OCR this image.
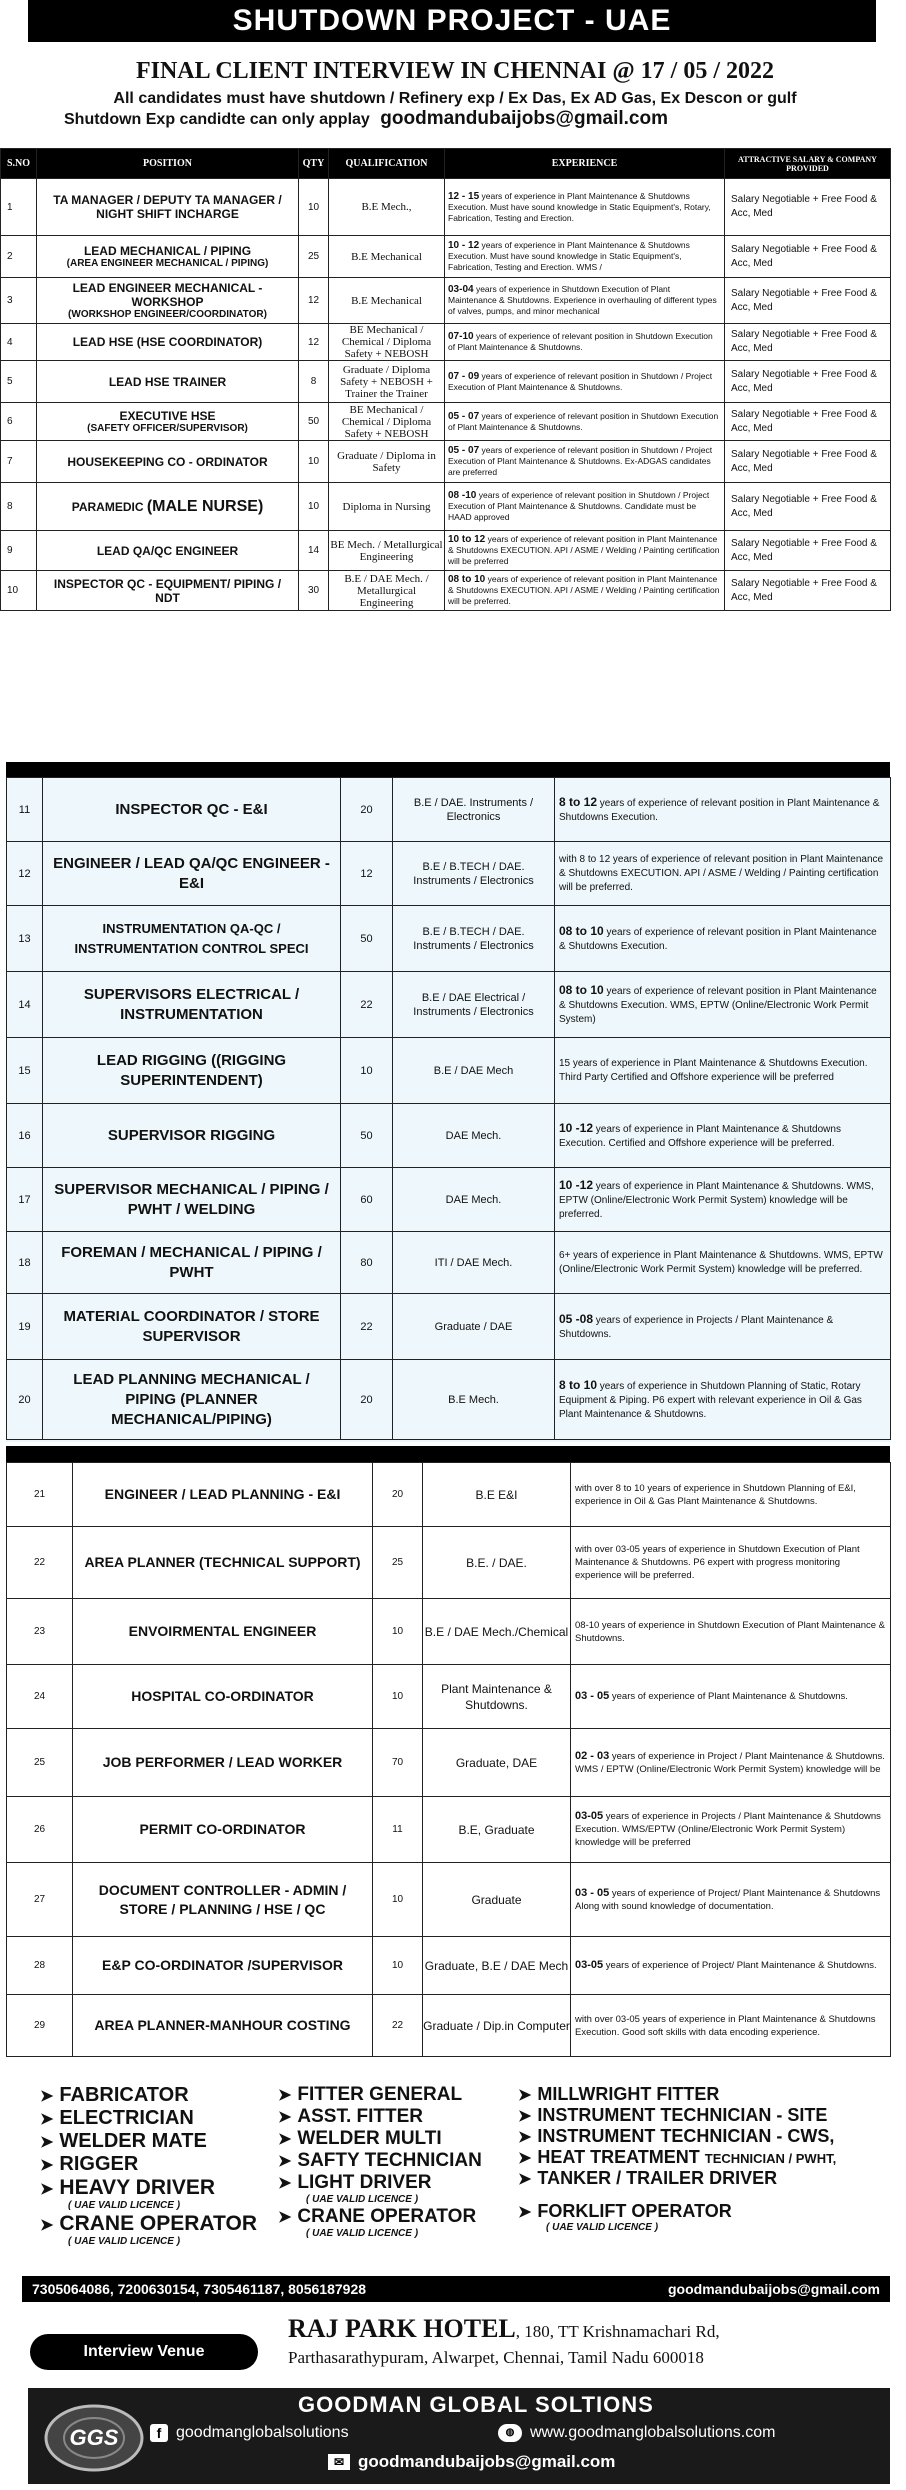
SHUTDOWN PROJECT - UAE
FINAL CLIENT INTERVIEW IN CHENNAI @ 17 / 05 / 2022
All candidates must have shutdown / Refinery exp / Ex Das, Ex AD Gas, Ex Descon or gulf
Shutdown Exp candidte can only applay goodmandubaijobs@gmail.com
S.NO	POSITION	QTY	QUALIFICATION	EXPERIENCE	ATTRACTIVE SALARY & COMPANY PROVIDED
1	TA MANAGER / DEPUTY TA MANAGER / NIGHT SHIFT INCHARGE	10	B.E Mech.,	12 - 15 years of experience in Plant Maintenance & Shutdowns Execution. Must have sound knowledge in Static Equipment's, Rotary, Fabrication, Testing and Erection.	Salary Negotiable + Free Food & Acc, Med
2	LEAD MECHANICAL / PIPING
(AREA ENGINEER MECHANICAL / PIPING)	25	B.E Mechanical	10 - 12 years of experience in Plant Maintenance & Shutdowns Execution. Must have sound knowledge in Static Equipment's, Fabrication, Testing and Erection. WMS /	Salary Negotiable + Free Food & Acc, Med
3	LEAD ENGINEER MECHANICAL - WORKSHOP
(WORKSHOP ENGINEER/COORDINATOR)	12	B.E Mechanical	03-04 years of experience in Shutdown Execution of Plant Maintenance & Shutdowns. Experience in overhauling of different types of valves, pumps, and minor mechanical	Salary Negotiable + Free Food & Acc, Med
4	LEAD HSE (HSE COORDINATOR)	12	BE Mechanical / Chemical / Diploma Safety + NEBOSH	07-10 years of experience of relevant position in Shutdown Execution of Plant Maintenance & Shutdowns.	Salary Negotiable + Free Food & Acc, Med
5	LEAD HSE TRAINER	8	Graduate / Diploma Safety + NEBOSH + Trainer the Trainer	07 - 09 years of experience of relevant position in Shutdown / Project Execution of Plant Maintenance & Shutdowns.	Salary Negotiable + Free Food & Acc, Med
6	EXECUTIVE HSE
(SAFETY OFFICER/SUPERVISOR)	50	BE Mechanical / Chemical / Diploma Safety + NEBOSH	05 - 07 years of experience of relevant position in Shutdown Execution of Plant Maintenance & Shutdowns.	Salary Negotiable + Free Food & Acc, Med
7	HOUSEKEEPING CO - ORDINATOR	10	Graduate / Diploma in Safety	05 - 07 years of experience of relevant position in Shutdown / Project Execution of Plant Maintenance & Shutdowns. Ex-ADGAS candidates are preferred	Salary Negotiable + Free Food & Acc, Med
8	PARAMEDIC (MALE NURSE)	10	Diploma in Nursing	08 -10 years of experience of relevant position in Shutdown / Project Execution of Plant Maintenance & Shutdowns. Candidate must be HAAD approved	Salary Negotiable + Free Food & Acc, Med
9	LEAD QA/QC ENGINEER	14	BE Mech. / Metallurgical Engineering	10 to 12 years of experience of relevant position in Plant Maintenance & Shutdowns EXECUTION. API / ASME / Welding / Painting certification will be preferred	Salary Negotiable + Free Food & Acc, Med
10	INSPECTOR QC - EQUIPMENT/ PIPING / NDT	30	B.E / DAE Mech. / Metallurgical Engineering	08 to 10 years of experience of relevant position in Plant Maintenance & Shutdowns EXECUTION. API / ASME / Welding / Painting certification will be preferred.	Salary Negotiable + Free Food & Acc, Med
11	INSPECTOR QC - E&I	20	B.E / DAE. Instruments / Electronics	8 to 12 years of experience of relevant position in Plant Maintenance & Shutdowns Execution.
12	ENGINEER / LEAD QA/QC ENGINEER - E&I	12	B.E / B.TECH / DAE. Instruments / Electronics	with 8 to 12 years of experience of relevant position in Plant Maintenance & Shutdowns EXECUTION. API / ASME / Welding / Painting certification will be preferred.
13	INSTRUMENTATION QA-QC / INSTRUMENTATION CONTROL SPECI	50	B.E / B.TECH / DAE. Instruments / Electronics	08 to 10 years of experience of relevant position in Plant Maintenance & Shutdowns Execution.
14	SUPERVISORS ELECTRICAL / INSTRUMENTATION	22	B.E / DAE Electrical / Instruments / Electronics	08 to 10 years of experience of relevant position in Plant Maintenance & Shutdowns Execution. WMS, EPTW (Online/Electronic Work Permit System)
15	LEAD RIGGING ((RIGGING SUPERINTENDENT)	10	B.E / DAE Mech	15 years of experience in Plant Maintenance & Shutdowns Execution. Third Party Certified and Offshore experience will be preferred
16	SUPERVISOR RIGGING	50	DAE Mech.	10 -12 years of experience in Plant Maintenance & Shutdowns Execution. Certified and Offshore experience will be preferred.
17	SUPERVISOR MECHANICAL / PIPING / PWHT / WELDING	60	DAE Mech.	10 -12 years of experience in Plant Maintenance & Shutdowns. WMS, EPTW (Online/Electronic Work Permit System) knowledge will be preferred.
18	FOREMAN / MECHANICAL / PIPING / PWHT	80	ITI / DAE Mech.	6+ years of experience in Plant Maintenance & Shutdowns. WMS, EPTW (Online/Electronic Work Permit System) knowledge will be preferred.
19	MATERIAL COORDINATOR / STORE SUPERVISOR	22	Graduate / DAE	05 -08 years of experience in Projects / Plant Maintenance & Shutdowns.
20	LEAD PLANNING MECHANICAL / PIPING (PLANNER MECHANICAL/PIPING)	20	B.E Mech.	8 to 10 years of experience in Shutdown Planning of Static, Rotary Equipment & Piping. P6 expert with relevant experience in Oil & Gas Plant Maintenance & Shutdowns.
21	ENGINEER / LEAD PLANNING - E&I	20	B.E E&I	with over 8 to 10 years of experience in Shutdown Planning of E&I, experience in Oil & Gas Plant Maintenance & Shutdowns.
22	AREA PLANNER (TECHNICAL SUPPORT)	25	B.E. / DAE.	with over 03-05 years of experience in Shutdown Execution of Plant Maintenance & Shutdowns. P6 expert with progress monitoring experience will be preferred.
23	ENVOIRMENTAL ENGINEER	10	B.E / DAE Mech./Chemical	08-10 years of experience in Shutdown Execution of Plant Maintenance & Shutdowns.
24	HOSPITAL CO-ORDINATOR	10	Plant Maintenance & Shutdowns.	03 - 05 years of experience of Plant Maintenance & Shutdowns.
25	JOB PERFORMER / LEAD WORKER	70	Graduate, DAE	02 - 03 years of experience in Project / Plant Maintenance & Shutdowns. WMS / EPTW (Online/Electronic Work Permit System) knowledge will be
26	PERMIT CO-ORDINATOR	11	B.E, Graduate	03-05 years of experience in Projects / Plant Maintenance & Shutdowns Execution. WMS/EPTW (Online/Electronic Work Permit System) knowledge will be preferred
27	DOCUMENT CONTROLLER - ADMIN / STORE / PLANNING / HSE / QC	10	Graduate	03 - 05 years of experience of Project/ Plant Maintenance & Shutdowns Along with sound knowledge of documentation.
28	E&P CO-ORDINATOR /SUPERVISOR	10	Graduate, B.E / DAE Mech	03-05 years of experience of Project/ Plant Maintenance & Shutdowns.
29	AREA PLANNER-MANHOUR COSTING	22	Graduate / Dip.in Computer	with over 03-05 years of experience in Plant Maintenance & Shutdowns Execution. Good soft skills with data encoding experience.
➤ FABRICATOR
➤ ELECTRICIAN
➤ WELDER MATE
➤ RIGGER
➤ HEAVY DRIVER
( UAE VALID LICENCE )
➤ CRANE OPERATOR
( UAE VALID LICENCE )
➤ FITTER GENERAL
➤ ASST. FITTER
➤ WELDER MULTI
➤ SAFTY TECHNICIAN
➤ LIGHT DRIVER
( UAE VALID LICENCE )
➤ CRANE OPERATOR
( UAE VALID LICENCE )
➤ MILLWRIGHT FITTER
➤ INSTRUMENT TECHNICIAN - SITE
➤ INSTRUMENT TECHNICIAN - CWS,
➤ HEAT TREATMENT
TECHNICIAN / PWHT,
➤ TANKER / TRAILER DRIVER
➤ FORKLIFT OPERATOR
( UAE VALID LICENCE )
7305064086, 7200630154, 7305461187, 8056187928	goodmandubaijobs@gmail.com
Interview Venue
RAJ PARK HOTEL, 180, TT Krishnamachari Rd,
Parthasarathypuram, Alwarpet, Chennai, Tamil Nadu 600018
GGS
GOODMAN GLOBAL SOLTIONS
f goodmanglobalsolutions	◍ www.goodmanglobalsolutions.com
✉ goodmandubaijobs@gmail.com
